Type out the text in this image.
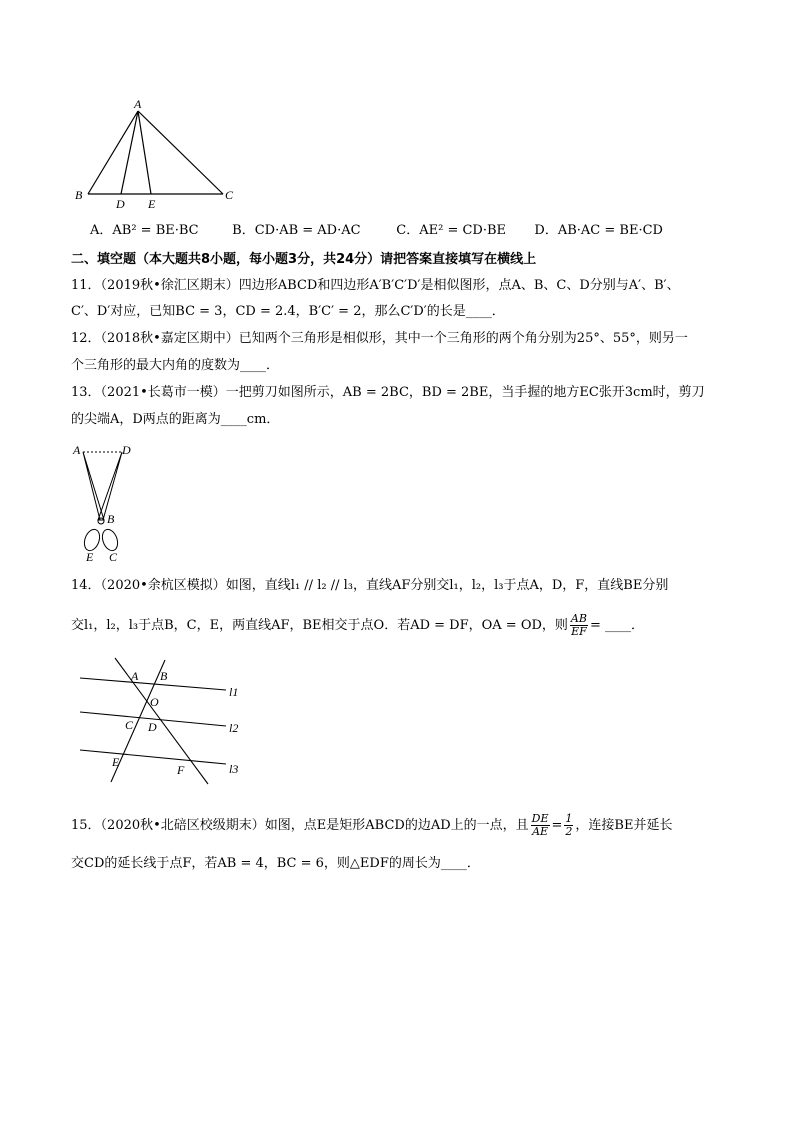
A
B
D E
C
A．AB² = BE·BC	B．CD·AB = AD·AC	C．AE² = CD·BE D．AB·AC = BE·CD
二、填空题（本大题共8小题，每小题3分，共24分）请把答案直接填写在横线上
11．（2019秋•徐汇区期末）四边形ABCD和四边形A′B′C′D′是相似图形，点A、B、C、D分别与A′、B′、
C′、D′对应，已知BC = 3，CD = 2.4，B′C′ = 2，那么C′D′的长是____．
12．（2018秋•嘉定区期中）已知两个三角形是相似形，其中一个三角形的两个角分别为25°、55°，则另一
个三角形的最大内角的度数为____．
13．（2021•长葛市一模）一把剪刀如图所示，AB = 2BC，BD = 2BE，当手握的地方EC张开3cm时，剪刀
的尖端A，D两点的距离为____cm．
A	D
B
E C
14．（2020•余杭区模拟）如图，直线l₁ // l₂ // l₃，直线AF分别交l₁，l₂，l₃于点A，D，F，直线BE分别
交l₁，l₂，l₃于点B，C，E，两直线AF，BE相交于点O．若AD = DF，OA = OD，则 $\frac{AB}{EF}$ = ____．
A B
O
C D
E
F
l1
l2
l3
15．（2020秋•北碚区校级期末）如图，点E是矩形ABCD的边AD上的一点，且 $\frac{DE}{AE} = \frac{1}{2}$ ，连接BE并延长
交CD的延长线于点F，若AB = 4，BC = 6，则△EDF的周长为____．
